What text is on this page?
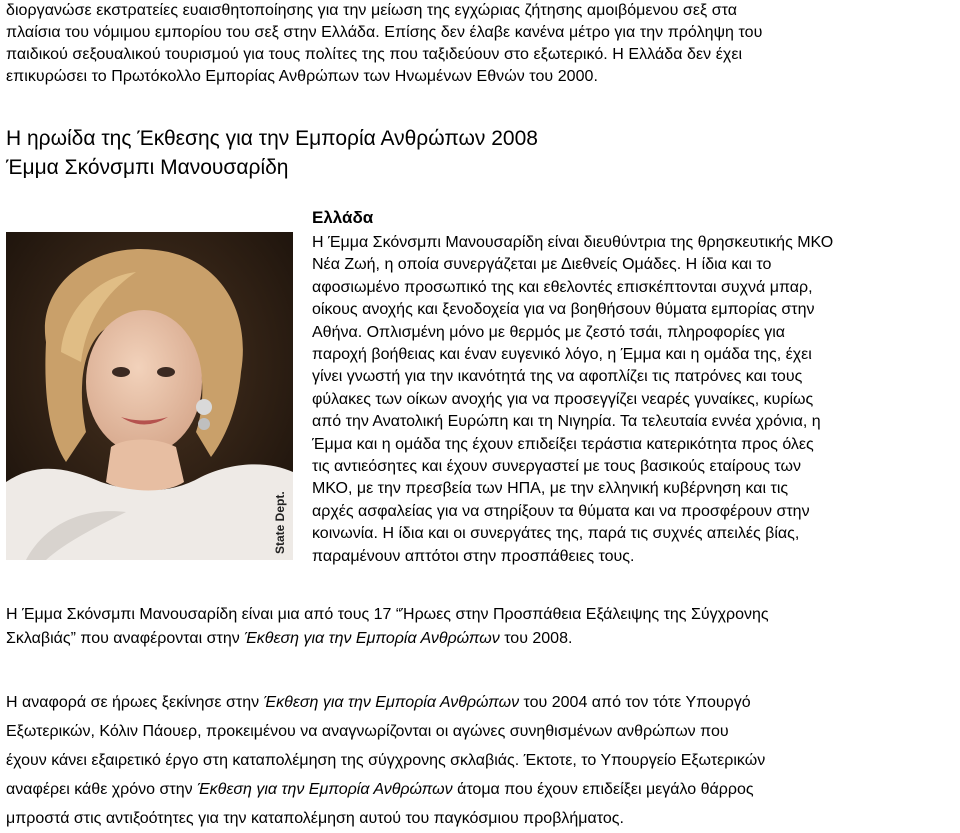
διοργανώσε εκστρατείες ευαισθητοποίησης για την μείωση της εγχώριας ζήτησης αμοιβόμενου σεξ στα
πλαίσια του νόμιμου εμπορίου του σεξ στην Ελλάδα. Επίσης δεν έλαβε κανένα μέτρο για την πρόληψη του
παιδικού σεξουαλικού τουρισμού για τους πολίτες της που ταξιδεύουν στο εξωτερικό. Η Ελλάδα δεν έχει
επικυρώσει το Πρωτόκολλο Εμπορίας Ανθρώπων των Ηνωμένων Εθνών του 2000.
Η ηρωίδα της Έκθεσης για την Εμπορία Ανθρώπων 2008
Έμμα Σκόνσμπι Μανουσαρίδη
State Dept.
Ελλάδα
Η Έμμα Σκόνσμπι Μανουσαρίδη είναι διευθύντρια της θρησκευτικής ΜΚΟ
Νέα Ζωή, η οποία συνεργάζεται με Διεθνείς Ομάδες. Η ίδια και το
αφοσιωμένο προσωπικό της και εθελοντές επισκέπτονται συχνά μπαρ,
οίκους ανοχής και ξενοδοχεία για να βοηθήσουν θύματα εμπορίας στην
Αθήνα. Οπλισμένη μόνο με θερμός με ζεστό τσάι, πληροφορίες για
παροχή βοήθειας και έναν ευγενικό λόγο, η Έμμα και η ομάδα της, έχει
γίνει γνωστή για την ικανότητά της να αφοπλίζει τις πατρόνες και τους
φύλακες των οίκων ανοχής για να προσεγγίζει νεαρές γυναίκες, κυρίως
από την Ανατολική Ευρώπη και τη Νιγηρία. Τα τελευταία εννέα χρόνια, η
Έμμα και η ομάδα της έχουν επιδείξει τεράστια κατερικότητα προς όλες
τις αντιεόσητες και έχουν συνεργαστεί με τους βασικούς εταίρους των
ΜΚΟ, με την πρεσβεία των ΗΠΑ, με την ελληνική κυβέρνηση και τις
αρχές ασφαλείας για να στηρίξουν τα θύματα και να προσφέρουν στην
κοινωνία. Η ίδια και οι συνεργάτες της, παρά τις συχνές απειλές βίας,
παραμένουν απτότοι στην προσπάθειες τους.
Η Έμμα Σκόνσμπι Μανουσαρίδη είναι μια από τους 17 “Ήρωες στην Προσπάθεια Εξάλειψης της Σύγχρονης
Σκλαβιάς” που αναφέρονται στην Έκθεση για την Εμπορία Ανθρώπων του 2008.
Η αναφορά σε ήρωες ξεκίνησε στην Έκθεση για την Εμπορία Ανθρώπων του 2004 από τον τότε Υπουργό
Εξωτερικών, Κόλιν Πάουερ, προκειμένου να αναγνωρίζονται οι αγώνες συνηθισμένων ανθρώπων που
έχουν κάνει εξαιρετικό έργο στη καταπολέμηση της σύγχρονης σκλαβιάς. Έκτοτε, το Υπουργείο Εξωτερικών
αναφέρει κάθε χρόνο στην Έκθεση για την Εμπορία Ανθρώπων άτομα που έχουν επιδείξει μεγάλο θάρρος
μπροστά στις αντιξοότητες για την καταπολέμηση αυτού του παγκόσμιου προβλήματος.
